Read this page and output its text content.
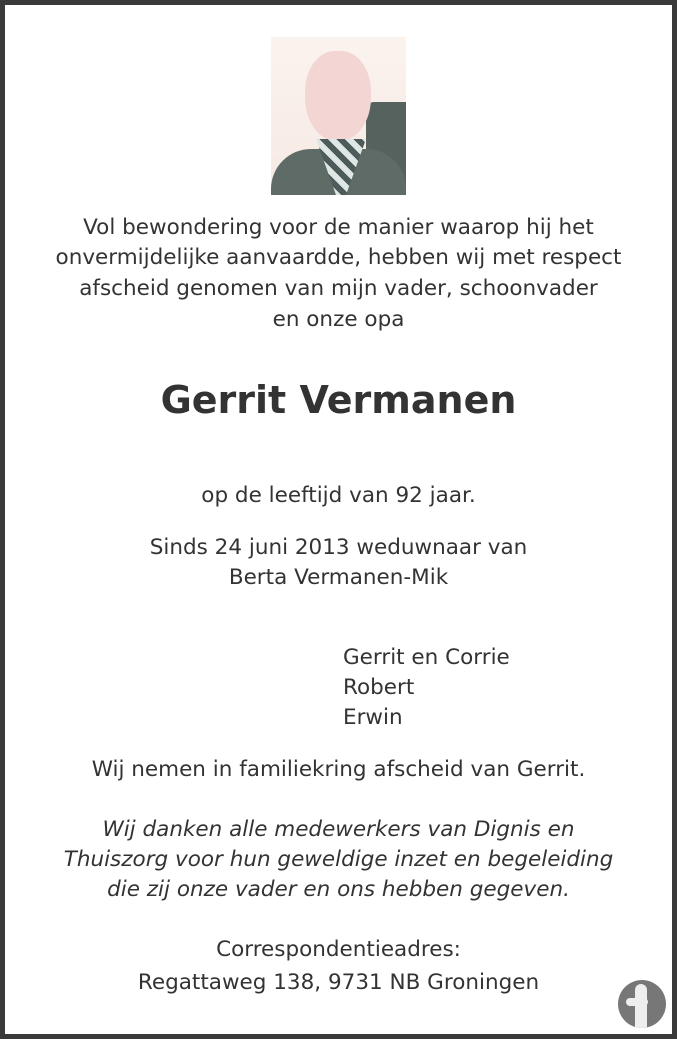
Vol bewondering voor de manier waarop hij het
onvermijdelijke aanvaardde, hebben wij met respect
afscheid genomen van mijn vader, schoonvader
en onze opa
Gerrit Vermanen
op de leeftijd van 92 jaar.
Sinds 24 juni 2013 weduwnaar van
Berta Vermanen-Mik
Gerrit en Corrie
Robert
Erwin
Wij nemen in familiekring afscheid van Gerrit.
Wij danken alle medewerkers van Dignis en
Thuiszorg voor hun geweldige inzet en begeleiding
die zij onze vader en ons hebben gegeven.
Correspondentieadres:
Regattaweg 138, 9731 NB Groningen
